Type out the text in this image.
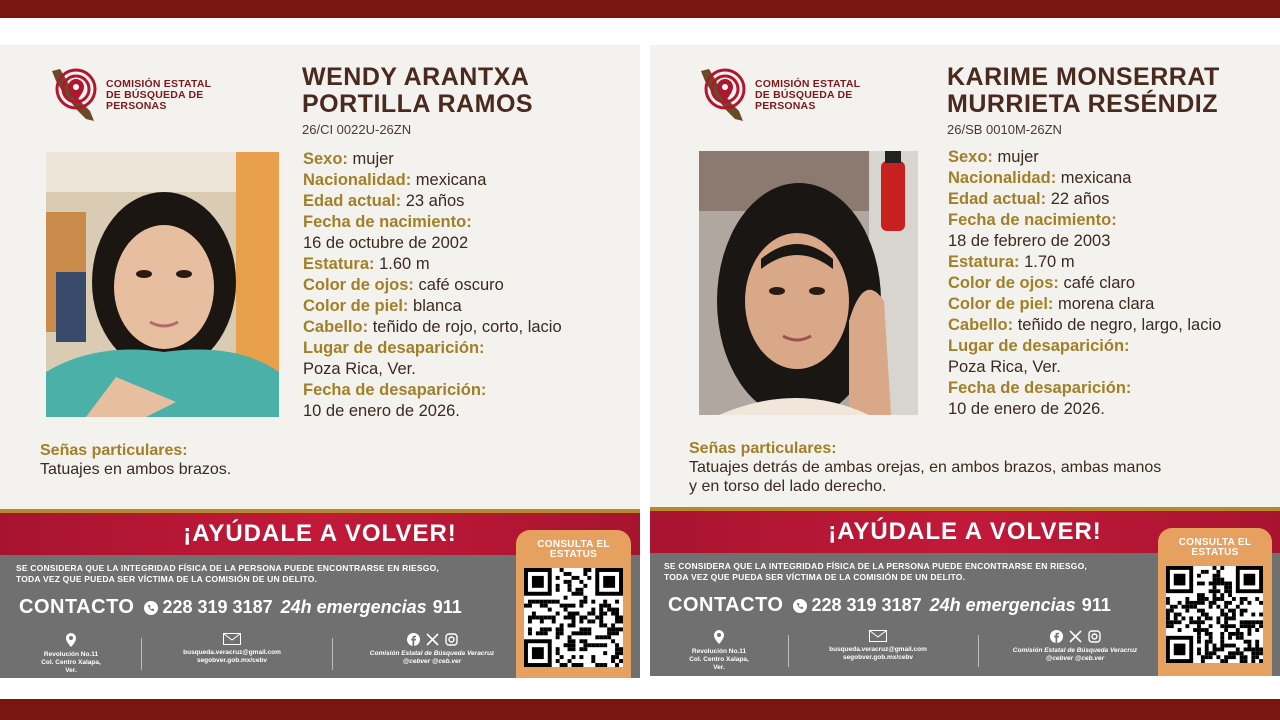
COMISIÓN ESTATAL
DE BÚSQUEDA DE
PERSONAS
WENDY ARANTXA
PORTILLA RAMOS
26/CI 0022U-26ZN
Sexo: mujer
Nacionalidad: mexicana
Edad actual: 23 años
Fecha de nacimiento:
16 de octubre de 2002
Estatura: 1.60 m
Color de ojos: café oscuro
Color de piel: blanca
Cabello: teñido de rojo, corto, lacio
Lugar de desaparición:
Poza Rica, Ver.
Fecha de desaparición:
10 de enero de 2026.
Señas particulares:
Tatuajes en ambos brazos.
¡AYÚDALE A VOLVER!
SE CONSIDERA QUE LA INTEGRIDAD FÍSICA DE LA PERSONA PUEDE ENCONTRARSE EN RIESGO,
TODA VEZ QUE PUEDA SER VÍCTIMA DE LA COMISIÓN DE UN DELITO.
CONTACTO 228 319 3187 24h emergencias 911
Revolución No.11
Col. Centro Xalapa, Ver.
busqueda.veracruz@gmail.com
segobver.gob.mx/cebv
Comisión Estatal de Búsqueda Veracruz
@cebver @ceb.ver
CONSULTA EL
ESTATUS
COMISIÓN ESTATAL
DE BÚSQUEDA DE
PERSONAS
KARIME MONSERRAT
MURRIETA RESÉNDIZ
26/SB 0010M-26ZN
Sexo: mujer
Nacionalidad: mexicana
Edad actual: 22 años
Fecha de nacimiento:
18 de febrero de 2003
Estatura: 1.70 m
Color de ojos: café claro
Color de piel: morena clara
Cabello: teñido de negro, largo, lacio
Lugar de desaparición:
Poza Rica, Ver.
Fecha de desaparición:
10 de enero de 2026.
Señas particulares:
Tatuajes detrás de ambas orejas, en ambos brazos, ambas manos
y en torso del lado derecho.
¡AYÚDALE A VOLVER!
SE CONSIDERA QUE LA INTEGRIDAD FÍSICA DE LA PERSONA PUEDE ENCONTRARSE EN RIESGO,
TODA VEZ QUE PUEDA SER VÍCTIMA DE LA COMISIÓN DE UN DELITO.
CONTACTO 228 319 3187 24h emergencias 911
Revolución No.11
Col. Centro Xalapa, Ver.
busqueda.veracruz@gmail.com
segobver.gob.mx/cebv
Comisión Estatal de Búsqueda Veracruz
@cebver @ceb.ver
CONSULTA EL
ESTATUS
